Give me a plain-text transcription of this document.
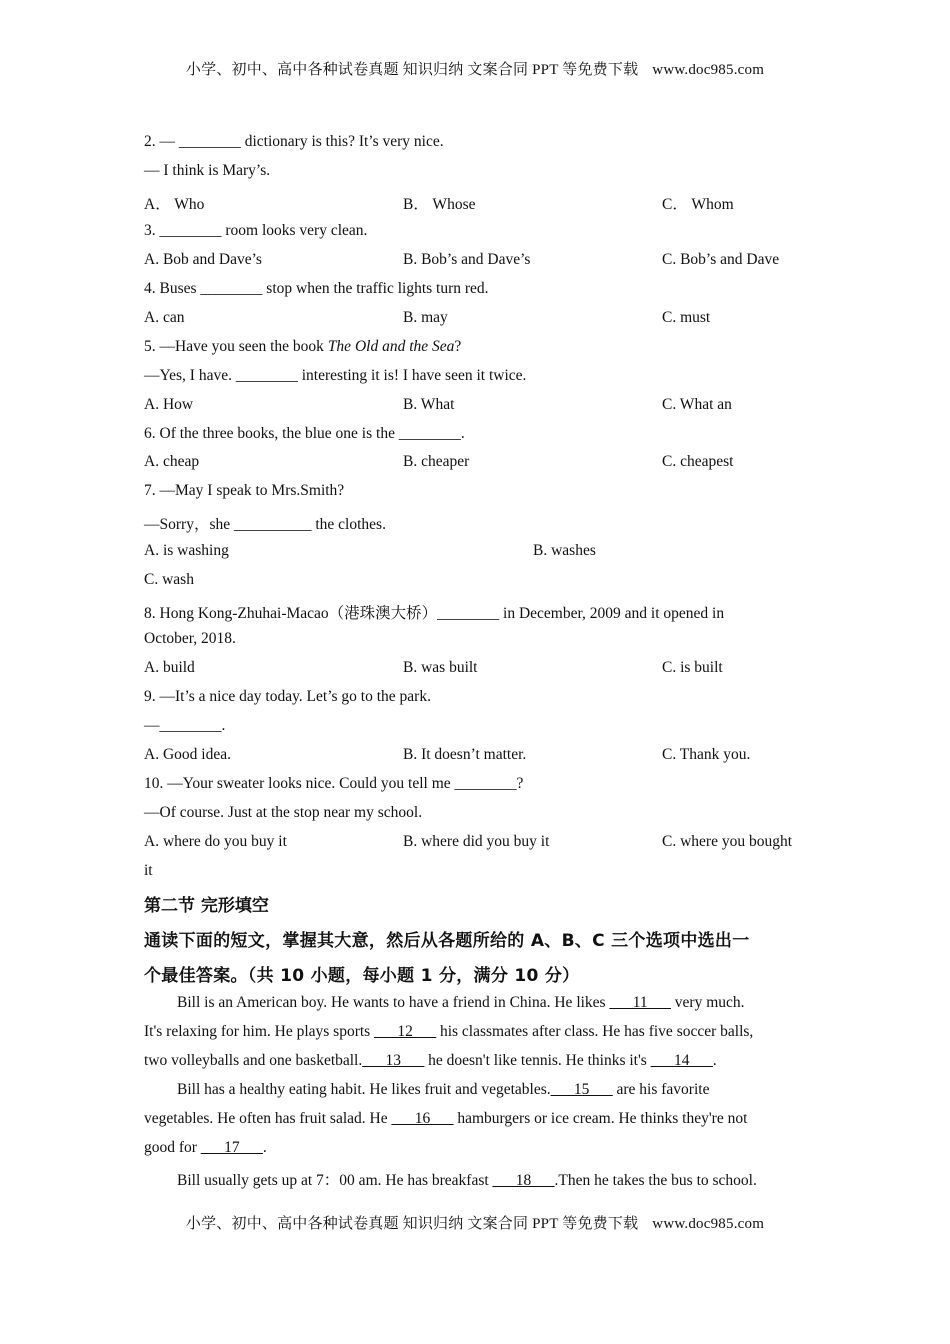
小学、初中、高中各种试卷真题 知识归纳 文案合同 PPT 等免费下载 www.doc985.com
2. — ________ dictionary is this? It’s very nice.
— I think is Mary’s.
A． Who	B． Whose	C． Whom
3. ________ room looks very clean.
A. Bob and Dave’s	B. Bob’s and Dave’s	C. Bob’s and Dave
4. Buses ________ stop when the traffic lights turn red.
A. can	B. may	C. must
5. —Have you seen the book The Old and the Sea?
—Yes, I have. ________ interesting it is! I have seen it twice.
A. How	B. What	C. What an
6. Of the three books, the blue one is the ________.
A. cheap	B. cheaper	C. cheapest
7. —May I speak to Mrs.Smith?
—Sorry，she __________ the clothes.
A. is washing	B. washes
C. wash
8. Hong Kong-Zhuhai-Macao（港珠澳大桥）________ in December, 2009 and it opened in
October, 2018.
A. build	B. was built	C. is built
9. —It’s a nice day today. Let’s go to the park.
—________.
A. Good idea.	B. It doesn’t matter.	C. Thank you.
10. —Your sweater looks nice. Could you tell me ________?
—Of course. Just at the stop near my school.
A. where do you buy it	B. where did you buy it	C. where you bought
it
第二节 完形填空
通读下面的短文，掌握其大意，然后从各题所给的 A、B、C 三个选项中选出一
个最佳答案。（共 10 小题，每小题 1 分，满分 10 分）
Bill is an American boy. He wants to have a friend in China. He likes ___11___ very much.
It's relaxing for him. He plays sports ___12___ his classmates after class. He has five soccer balls,
two volleyballs and one basketball.___13___ he doesn't like tennis. He thinks it's ___14___.
Bill has a healthy eating habit. He likes fruit and vegetables.___15___ are his favorite
vegetables. He often has fruit salad. He ___16___ hamburgers or ice cream. He thinks they're not
good for ___17___.
Bill usually gets up at 7：00 am. He has breakfast ___18___.Then he takes the bus to school.
小学、初中、高中各种试卷真题 知识归纳 文案合同 PPT 等免费下载 www.doc985.com
